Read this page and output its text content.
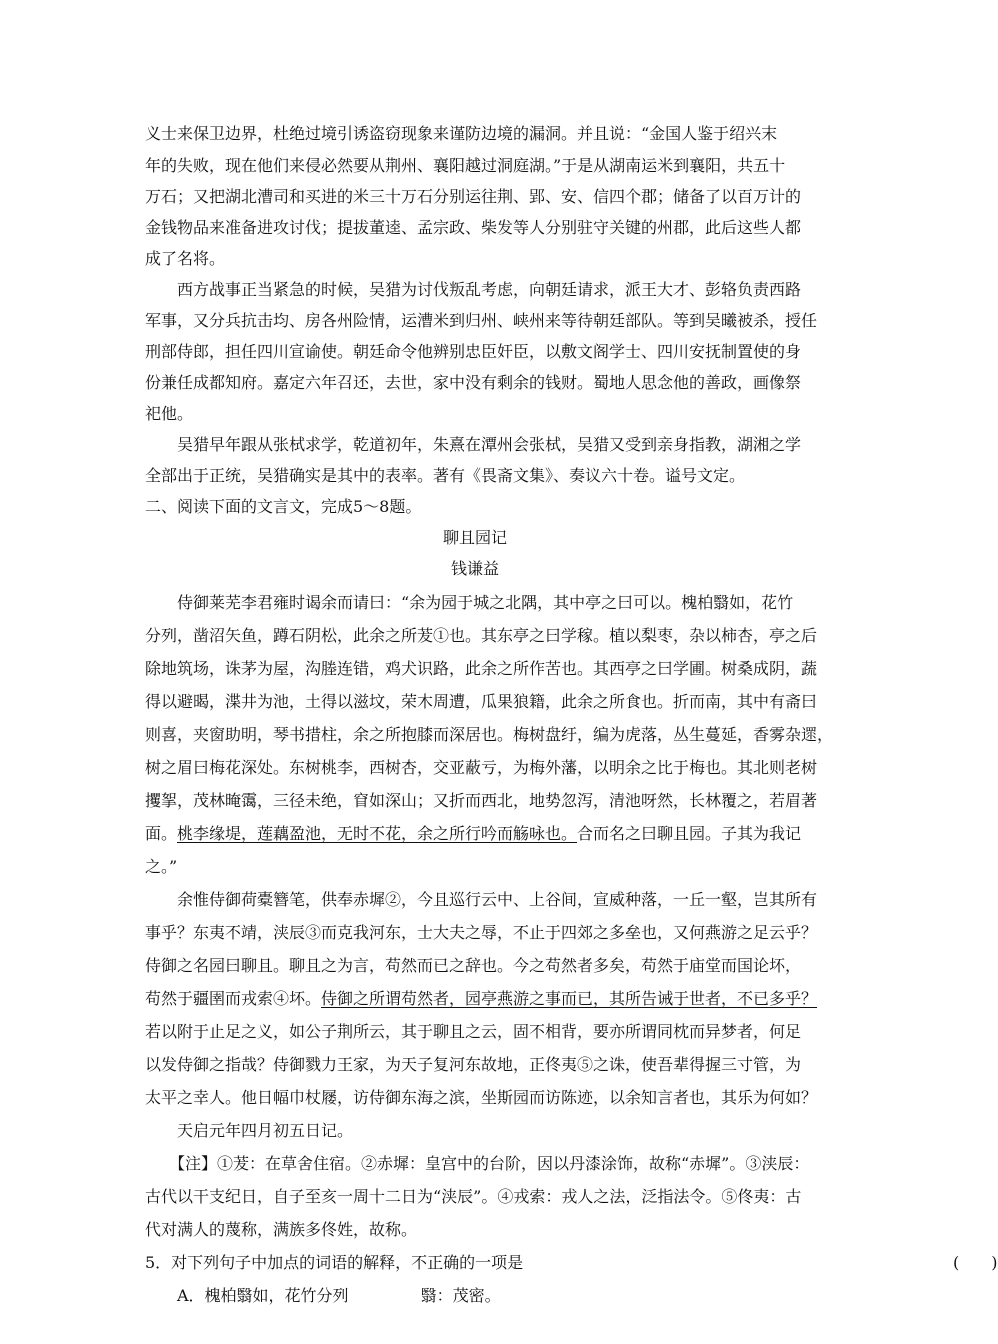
义士来保卫边界，杜绝过境引诱盗窃现象来谨防边境的漏洞。并且说：“金国人鉴于绍兴末
年的失败，现在他们来侵必然要从荆州、襄阳越过洞庭湖。”于是从湖南运米到襄阳，共五十
万石；又把湖北漕司和买进的米三十万石分别运往荆、郢、安、信四个郡；储备了以百万计的
金钱物品来准备进攻讨伐；提拔董逵、孟宗政、柴发等人分别驻守关键的州郡，此后这些人都
成了名将。
　　西方战事正当紧急的时候，吴猎为讨伐叛乱考虑，向朝廷请求，派王大才、彭辂负责西路
军事，又分兵抗击均、房各州险情，运漕米到归州、峡州来等待朝廷部队。等到吴曦被杀，授任
刑部侍郎，担任四川宣谕使。朝廷命令他辨别忠臣奸臣，以敷文阁学士、四川安抚制置使的身
份兼任成都知府。嘉定六年召还，去世，家中没有剩余的钱财。蜀地人思念他的善政，画像祭
祀他。
　　吴猎早年跟从张栻求学，乾道初年，朱熹在潭州会张栻，吴猎又受到亲身指教，湖湘之学
全部出于正统，吴猎确实是其中的表率。著有《畏斋文集》、奏议六十卷。谥号文定。
二、阅读下面的文言文，完成5～8题。
聊且园记
钱谦益
　　侍御莱芜李君雍时谒余而请曰：“余为园于城之北隅，其中亭之曰可以。槐柏翳如，花竹
分列，凿沼矢鱼，蹲石阴松，此余之所茇①也。其东亭之曰学稼。植以梨枣，杂以柿杏，亭之后
除地筑场，诛茅为屋，沟塍连错，鸡犬识路，此余之所作苦也。其西亭之曰学圃。树桑成阴，蔬
得以避暍，渫井为池，土得以滋坟，荣木周遭，瓜果狼籍，此余之所食也。折而南，其中有斋曰
则喜，夹窗助明，琴书措柱，余之所抱膝而深居也。梅树盘纡，编为虎落，丛生蔓延，香雾杂遝，
树之眉曰梅花深处。东树桃李，西树杏，交亚蔽亏，为梅外藩，以明余之比于梅也。其北则老树
攫挐，茂林晻霭，三径未绝，窅如深山；又折而西北，地势忽泻，清池呀然，长林覆之，若眉著
面。桃李缘堤，莲藕盈池，无时不花，余之所行吟而觞咏也。合而名之曰聊且园。子其为我记
之。”
　　余惟侍御荷橐簪笔，供奉赤墀②，今且巡行云中、上谷间，宣威种落，一丘一壑，岂其所有
事乎？东夷不靖，浃辰③而克我河东，士大夫之辱，不止于四郊之多垒也，又何燕游之足云乎？
侍御之名园曰聊且。聊且之为言，苟然而已之辞也。今之苟然者多矣，苟然于庙堂而国论坏，
苟然于疆圉而戎索④坏。侍御之所谓苟然者，园亭燕游之事而已，其所告诫于世者，不已多乎？
若以附于止足之义，如公子荆所云，其于聊且之云，固不相背，要亦所谓同枕而异梦者，何足
以发侍御之指哉？侍御戮力王家，为天子复河东故地，正佟夷⑤之诛，使吾辈得握三寸管，为
太平之幸人。他日幅巾杖屦，访侍御东海之滨，坐斯园而访陈迹，以余知言者也，其乐为何如？
　　天启元年四月初五日记。
　　【注】①茇：在草舍住宿。②赤墀：皇宫中的台阶，因以丹漆涂饰，故称“赤墀”。③浃辰：
古代以干支纪日，自子至亥一周十二日为“浃辰”。④戎索：戎人之法，泛指法令。⑤佟夷：古
代对满人的蔑称，满族多佟姓，故称。
5．对下列句子中加点的词语的解释，不正确的一项是	(　　)
　　A．槐柏翳如，花竹分列	翳：茂密。
